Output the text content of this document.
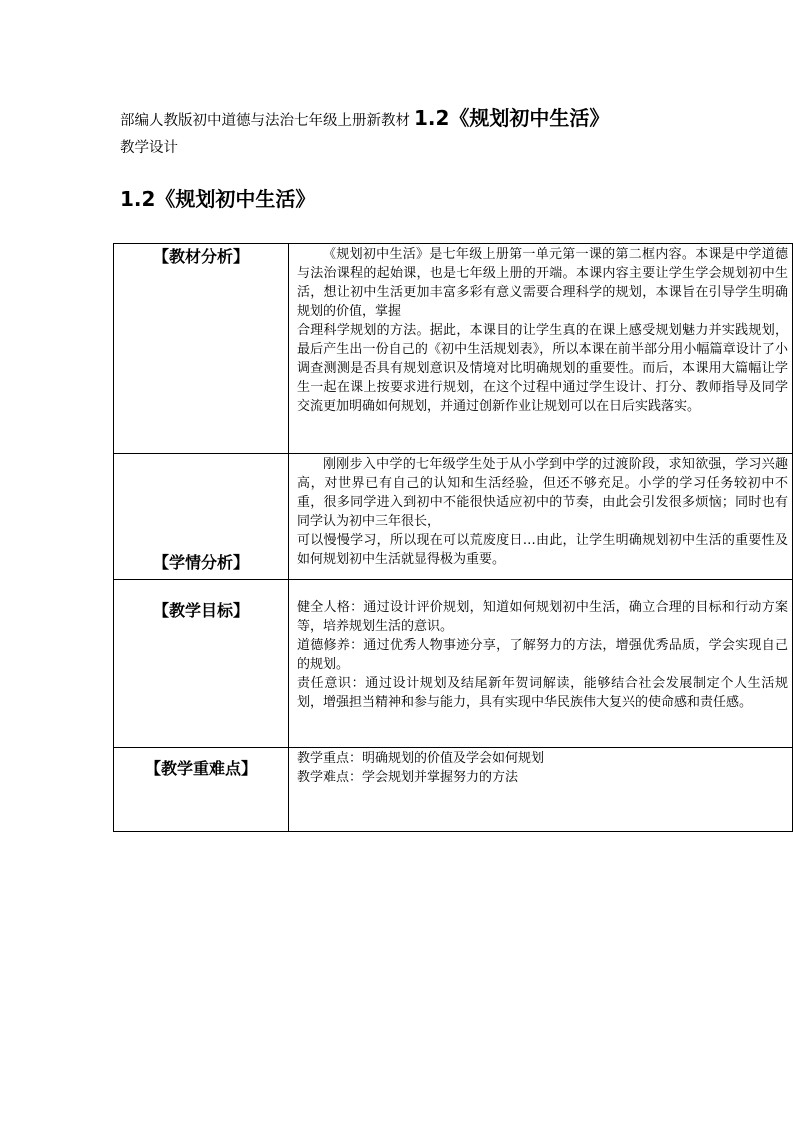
部编人教版初中道德与法治七年级上册新教材 1.2《规划初中生活》
教学设计
1.2《规划初中生活》
【教材分析】	《规划初中生活》是七年级上册第一单元第一课的第二框内容。本课是中学道德与法治课程的起始课，也是七年级上册的开端。本课内容主要让学生学会规划初中生活，想让初中生活更加丰富多彩有意义需要合理科学的规划，本课旨在引导学生明确规划的价值，掌握

合理科学规划的方法。据此，本课目的让学生真的在课上感受规划魅力并实践规划，最后产生出一份自己的《初中生活规划表》，所以本课在前半部分用小幅篇章设计了小调查测测是否具有规划意识及情境对比明确规划的重要性。而后，本课用大篇幅让学生一起在课上按要求进行规划，在这个过程中通过学生设计、打分、教师指导及同学交流更加明确如何规划，并通过创新作业让规划可以在日后实践落实。

【学情分析】	刚刚步入中学的七年级学生处于从小学到中学的过渡阶段，求知欲强，学习兴趣高，对世界已有自己的认知和生活经验，但还不够充足。小学的学习任务较初中不重，很多同学进入到初中不能很快适应初中的节奏，由此会引发很多烦恼；同时也有同学认为初中三年很长，

可以慢慢学习，所以现在可以荒废度日…由此，让学生明确规划初中生活的重要性及如何规划初中生活就显得极为重要。

【教学目标】	健全人格：通过设计评价规划，知道如何规划初中生活，确立合理的目标和行动方案等，培养规划生活的意识。

道德修养：通过优秀人物事迹分享，了解努力的方法，增强优秀品质，学会实现自己的规划。

责任意识：通过设计规划及结尾新年贺词解读，能够结合社会发展制定个人生活规划，增强担当精神和参与能力，具有实现中华民族伟大复兴的使命感和责任感。

【教学重难点】	教学重点：明确规划的价值及学会如何规划

教学难点：学会规划并掌握努力的方法
